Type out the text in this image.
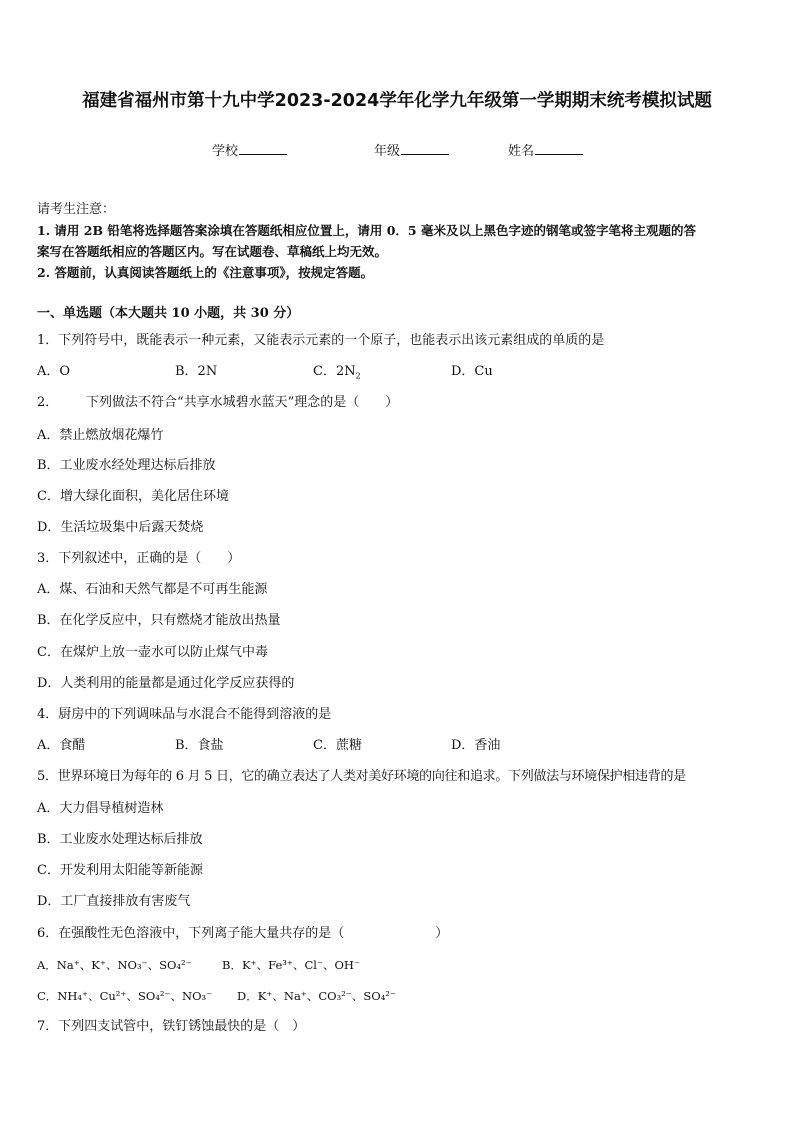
福建省福州市第十九中学2023-2024学年化学九年级第一学期期末统考模拟试题
学校	年级	姓名
请考生注意：
1. 请用 2B 铅笔将选择题答案涂填在答题纸相应位置上，请用 0．5 毫米及以上黑色字迹的钢笔或签字笔将主观题的答
案写在答题纸相应的答题区内。写在试题卷、草稿纸上均无效。
2. 答题前，认真阅读答题纸上的《注意事项》，按规定答题。
一、单选题（本大题共 10 小题，共 30 分）
1．下列符号中，既能表示一种元素，又能表示元素的一个原子，也能表示出该元素组成的单质的是
A．O	B．2N	C．$2N_2$	D．Cu
2． 下列做法不符合“共享水城碧水蓝天”理念的是（　　）
A．禁止燃放烟花爆竹
B．工业废水经处理达标后排放
C．增大绿化面积，美化居住环境
D．生活垃圾集中后露天焚烧
3．下列叙述中，正确的是（　　）
A．煤、石油和天然气都是不可再生能源
B．在化学反应中，只有燃烧才能放出热量
C．在煤炉上放一壶水可以防止煤气中毒
D．人类利用的能量都是通过化学反应获得的
4．厨房中的下列调味品与水混合不能得到溶液的是
A．食醋	B．食盐	C．蔗糖	D．香油
5．世界环境日为每年的 6 月 5 日，它的确立表达了人类对美好环境的向往和追求。下列做法与环境保护相违背的是
A．大力倡导植树造林
B．工业废水处理达标后排放
C．开发利用太阳能等新能源
D．工厂直接排放有害废气
6．在强酸性无色溶液中，下列离子能大量共存的是（　　　　　　　）
A．Na⁺、K⁺、NO₃⁻、SO₄²⁻	B．K⁺、Fe³⁺、Cl⁻、OH⁻
C．NH₄⁺、Cu²⁺、SO₄²⁻、NO₃⁻ D．K⁺、Na⁺、CO₃²⁻、SO₄²⁻
7．下列四支试管中，铁钉锈蚀最快的是（　）
